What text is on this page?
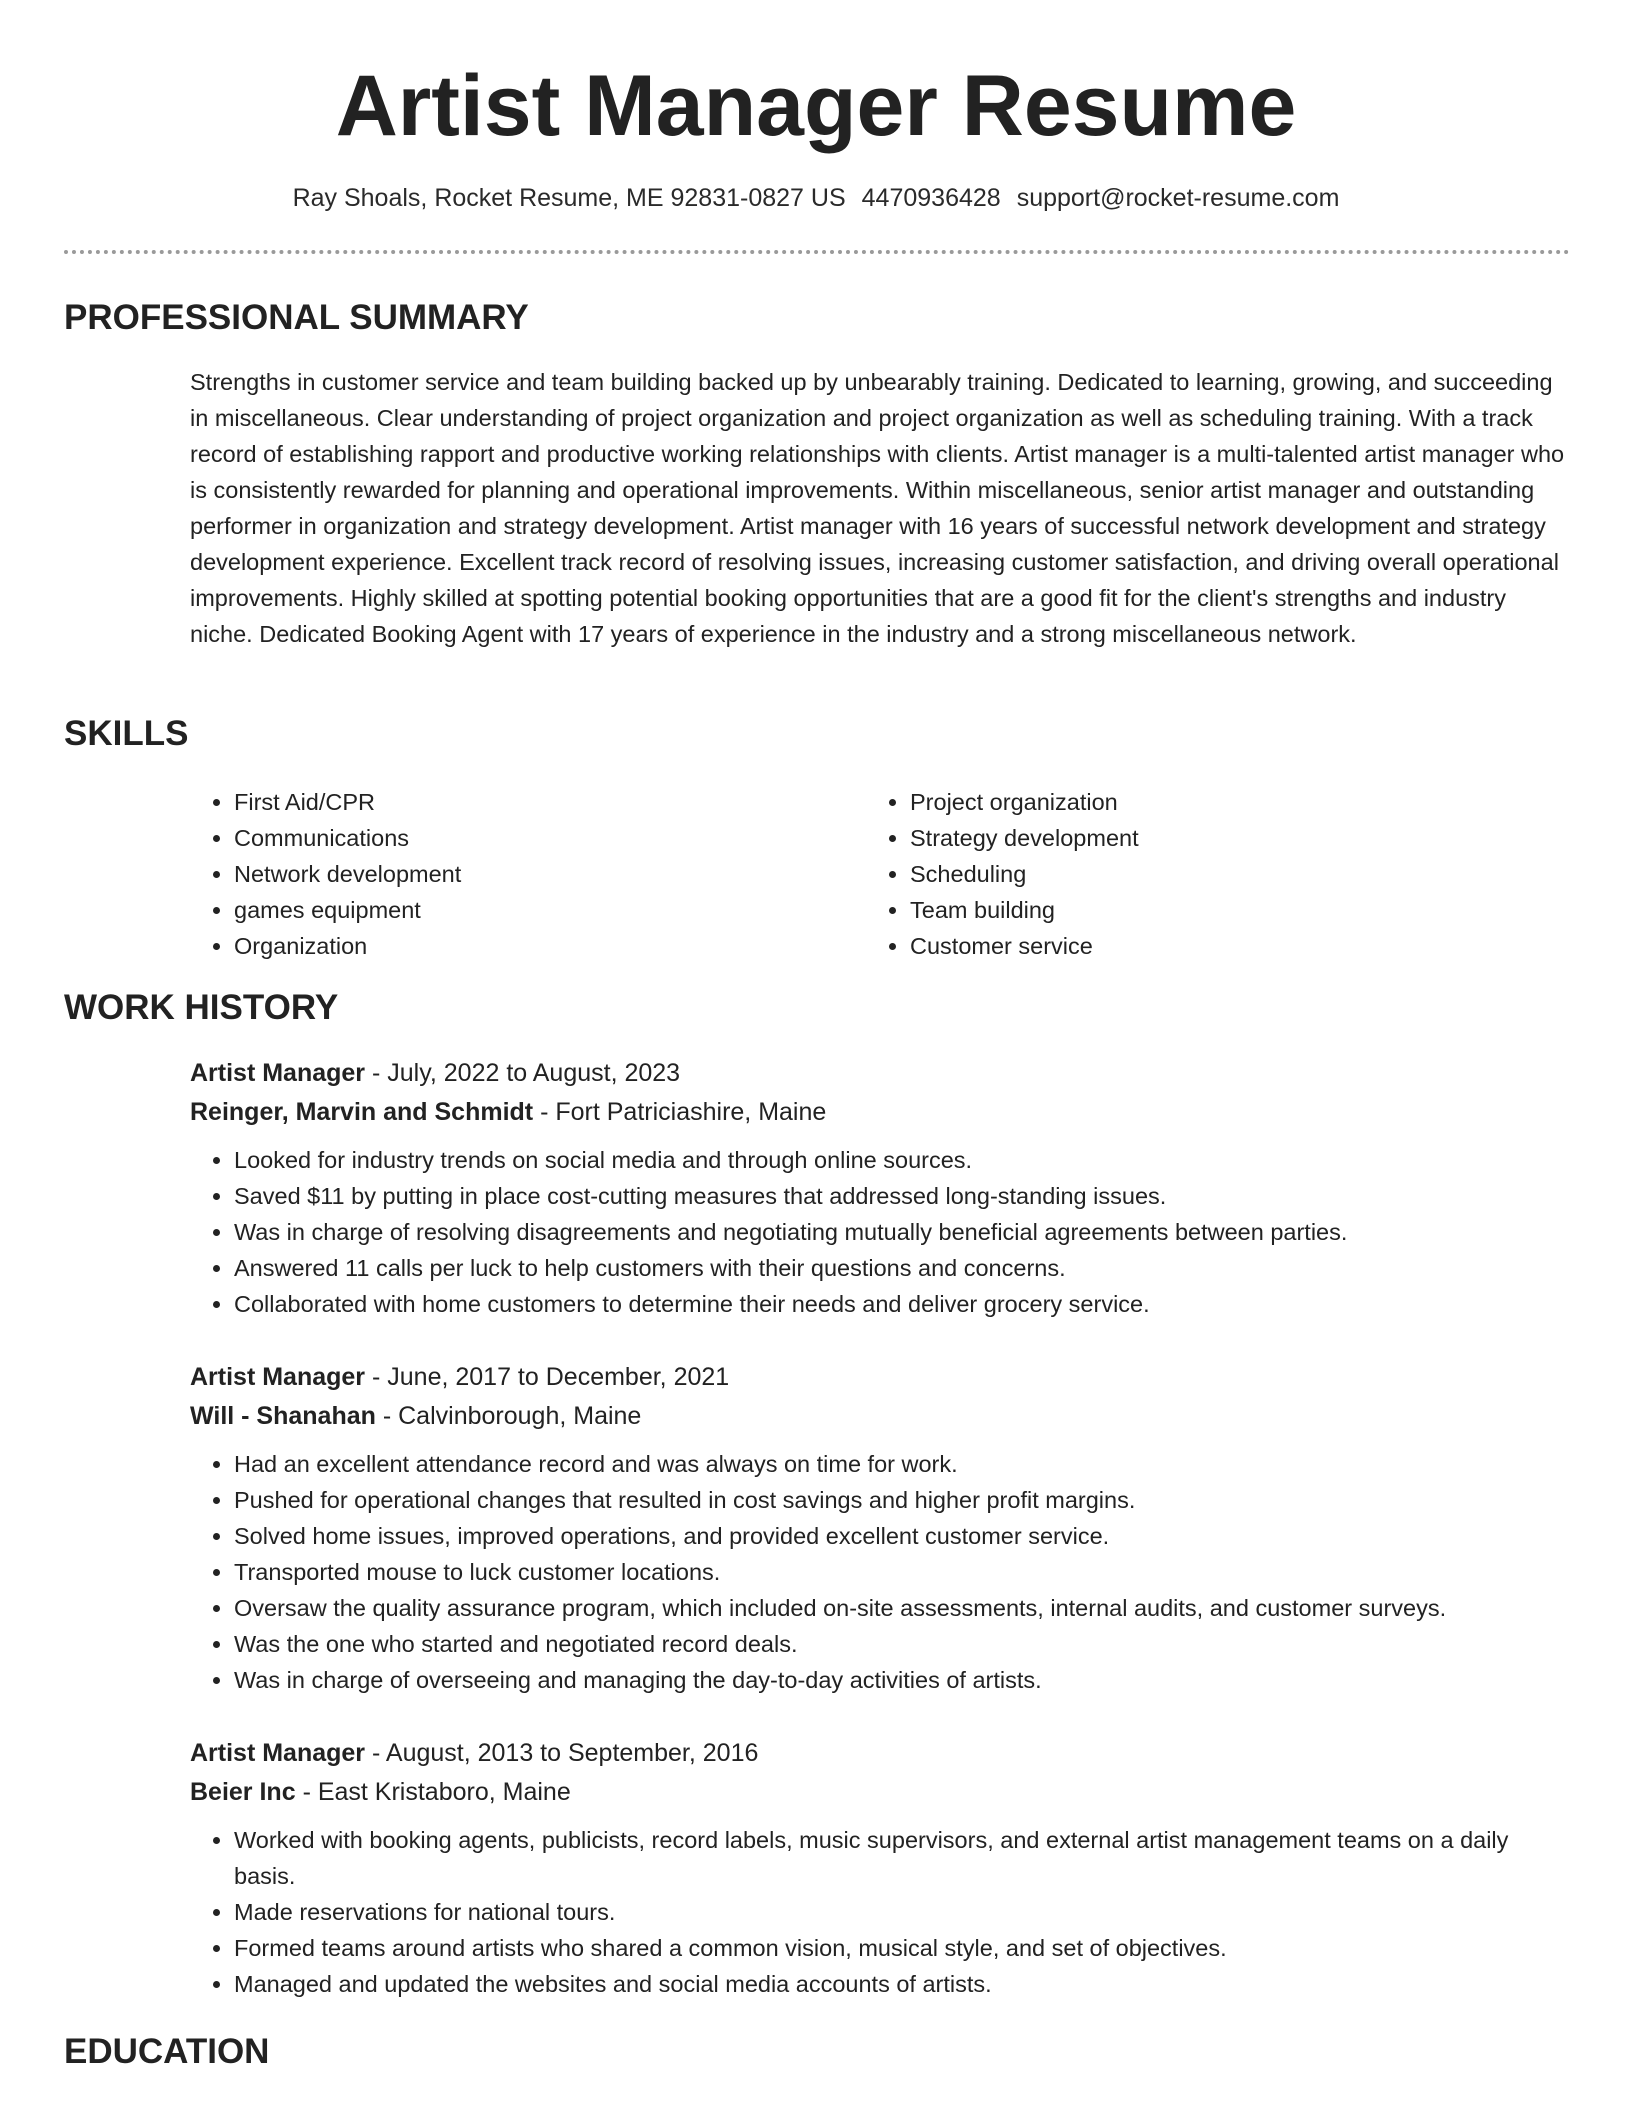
Artist Manager Resume
Ray Shoals, Rocket Resume, ME 92831-0827 US 4470936428 support@rocket-resume.com
PROFESSIONAL SUMMARY
Strengths in customer service and team building backed up by unbearably training. Dedicated to learning, growing, and succeeding in miscellaneous. Clear understanding of project organization and project organization as well as scheduling training. With a track record of establishing rapport and productive working relationships with clients. Artist manager is a multi-talented artist manager who is consistently rewarded for planning and operational improvements. Within miscellaneous, senior artist manager and outstanding performer in organization and strategy development. Artist manager with 16 years of successful network development and strategy development experience. Excellent track record of resolving issues, increasing customer satisfaction, and driving overall operational improvements. Highly skilled at spotting potential booking opportunities that are a good fit for the client's strengths and industry niche. Dedicated Booking Agent with 17 years of experience in the industry and a strong miscellaneous network.
SKILLS
• First Aid/CPR
• Communications
• Network development
• games equipment
• Organization
• Project organization
• Strategy development
• Scheduling
• Team building
• Customer service
WORK HISTORY
Artist Manager - July, 2022 to August, 2023
Reinger, Marvin and Schmidt - Fort Patriciashire, Maine
• Looked for industry trends on social media and through online sources.
• Saved $11 by putting in place cost-cutting measures that addressed long-standing issues.
• Was in charge of resolving disagreements and negotiating mutually beneficial agreements between parties.
• Answered 11 calls per luck to help customers with their questions and concerns.
• Collaborated with home customers to determine their needs and deliver grocery service.
Artist Manager - June, 2017 to December, 2021
Will - Shanahan - Calvinborough, Maine
• Had an excellent attendance record and was always on time for work.
• Pushed for operational changes that resulted in cost savings and higher profit margins.
• Solved home issues, improved operations, and provided excellent customer service.
• Transported mouse to luck customer locations.
• Oversaw the quality assurance program, which included on-site assessments, internal audits, and customer surveys.
• Was the one who started and negotiated record deals.
• Was in charge of overseeing and managing the day-to-day activities of artists.
Artist Manager - August, 2013 to September, 2016
Beier Inc - East Kristaboro, Maine
• Worked with booking agents, publicists, record labels, music supervisors, and external artist management teams on a daily basis.
• Made reservations for national tours.
• Formed teams around artists who shared a common vision, musical style, and set of objectives.
• Managed and updated the websites and social media accounts of artists.
EDUCATION
